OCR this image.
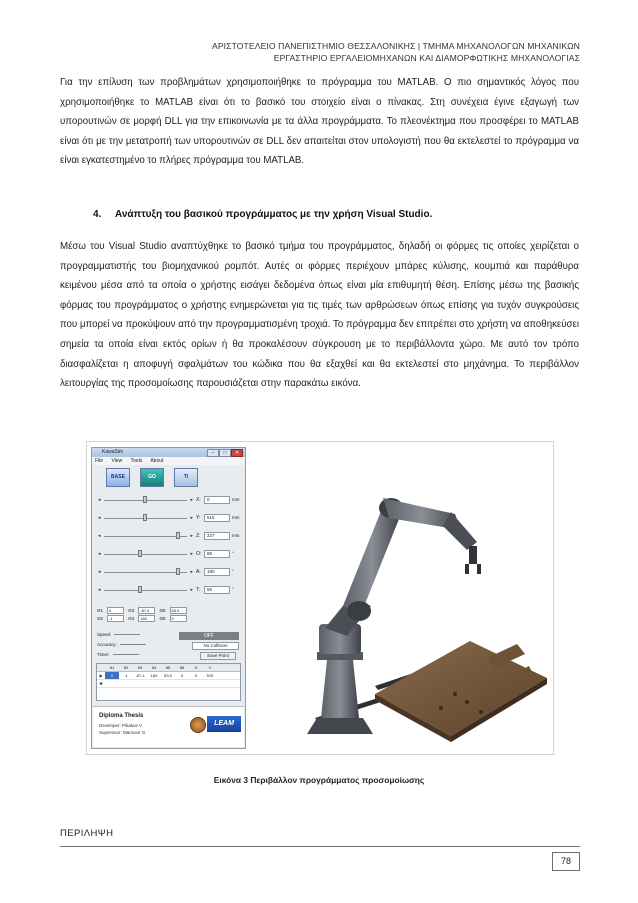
ΑΡΙΣΤΟΤΕΛΕΙΟ ΠΑΝΕΠΙΣΤΗΜΙΟ ΘΕΣΣΑΛΟΝΙΚΗΣ | ΤΜΗΜΑ ΜΗΧΑΝΟΛΟΓΩΝ ΜΗΧΑΝΙΚΩΝ
ΕΡΓΑΣΤΗΡΙΟ ΕΡΓΑΛΕΙΟΜΗΧΑΝΩΝ ΚΑΙ ΔΙΑΜΟΡΦΩΤΙΚΗΣ ΜΗΧΑΝΟΛΟΓΙΑΣ

Για την επίλυση των προβλημάτων χρησιμοποιήθηκε το πρόγραμμα του MATLAB. Ο πιο σημαντικός λόγος που χρησιμοποιήθηκε το MATLAB είναι ότι το βασικό του στοιχείο είναι ο πίνακας. Στη συνέχεια έγινε εξαγωγή των υπορουτινών σε μορφή DLL για την επικοινωνία με τα άλλα προγράμματα. Το πλεονέκτημα που προσφέρει το MATLAB είναι ότι με την μετατροπή των υπορουτινών σε DLL δεν απαιτείται στον υπολογιστή που θα εκτελεστεί το πρόγραμμα να είναι εγκατεστημένο το πλήρες πρόγραμμα του MATLAB.

4. Ανάπτυξη του βασικού προγράμματος με την χρήση Visual Studio.

Μέσω του Visual Studio αναπτύχθηκε το βασικό τμήμα του προγράμματος, δηλαδή οι φόρμες τις οποίες χειρίζεται ο προγραμματιστής του βιομηχανικού ρομπότ. Αυτές οι φόρμες περιέχουν μπάρες κύλισης, κουμπιά και παράθυρα κειμένου μέσα από τα οποία ο χρήστης εισάγει δεδομένα όπως είναι μία επιθυμητή θέση. Επίσης μέσω της βασικής φόρμας του προγράμματος ο χρήστης ενημερώνεται για τις τιμές των αρθρώσεων όπως επίσης για τυχόν συγκρούσεις που μπορεί να προκύψουν από την προγραμματισμένη τροχιά. Το πρόγραμμα δεν επιτρέπει στο χρήστη να αποθηκεύσει σημεία τα οποία είναι εκτός ορίων ή θα προκαλέσουν σύγκρουση με το περιβάλλοντα χώρο. Με αυτό τον τρόπο διασφαλίζεται η αποφυγή σφαλμάτων του κώδικα που θα εξαχθεί και θα εκτελεστεί στο μηχάνημα. Το περιβάλλον λειτουργίας της προσομοίωσης παρουσιάζεται στην παρακάτω εικόνα.

KawaSim	–	□	✕
File View Tools About
BASE	GO	TI
◂	▸
◂	▸
◂	▸
◂	▸
◂	▸
◂	▸
X: 0	mm
Y: 515	mm
Z: 227	mm
O: 85	°
A: 180	°
T: 65	°
Θ1 0	Θ3 -87.4 Θ5 83.5
Θ2 -1	Θ4 180	Θ6 0
Speed:
Accuracy:
Timer:
OFF
No Collision
Save Point
θ1 θ2 θ3 θ4 θ5 θ6	X	Y
▶ 0	-1 -87.4 180 83.5 0	0 515
✱
Diploma Thesis
Developer: Pikakos V.
Supervisor: Mansour G.
LEAM
Εικόνα 3 Περιβάλλον προγράμματος προσομοίωσης
ΠΕΡΙΛΗΨΗ
78
